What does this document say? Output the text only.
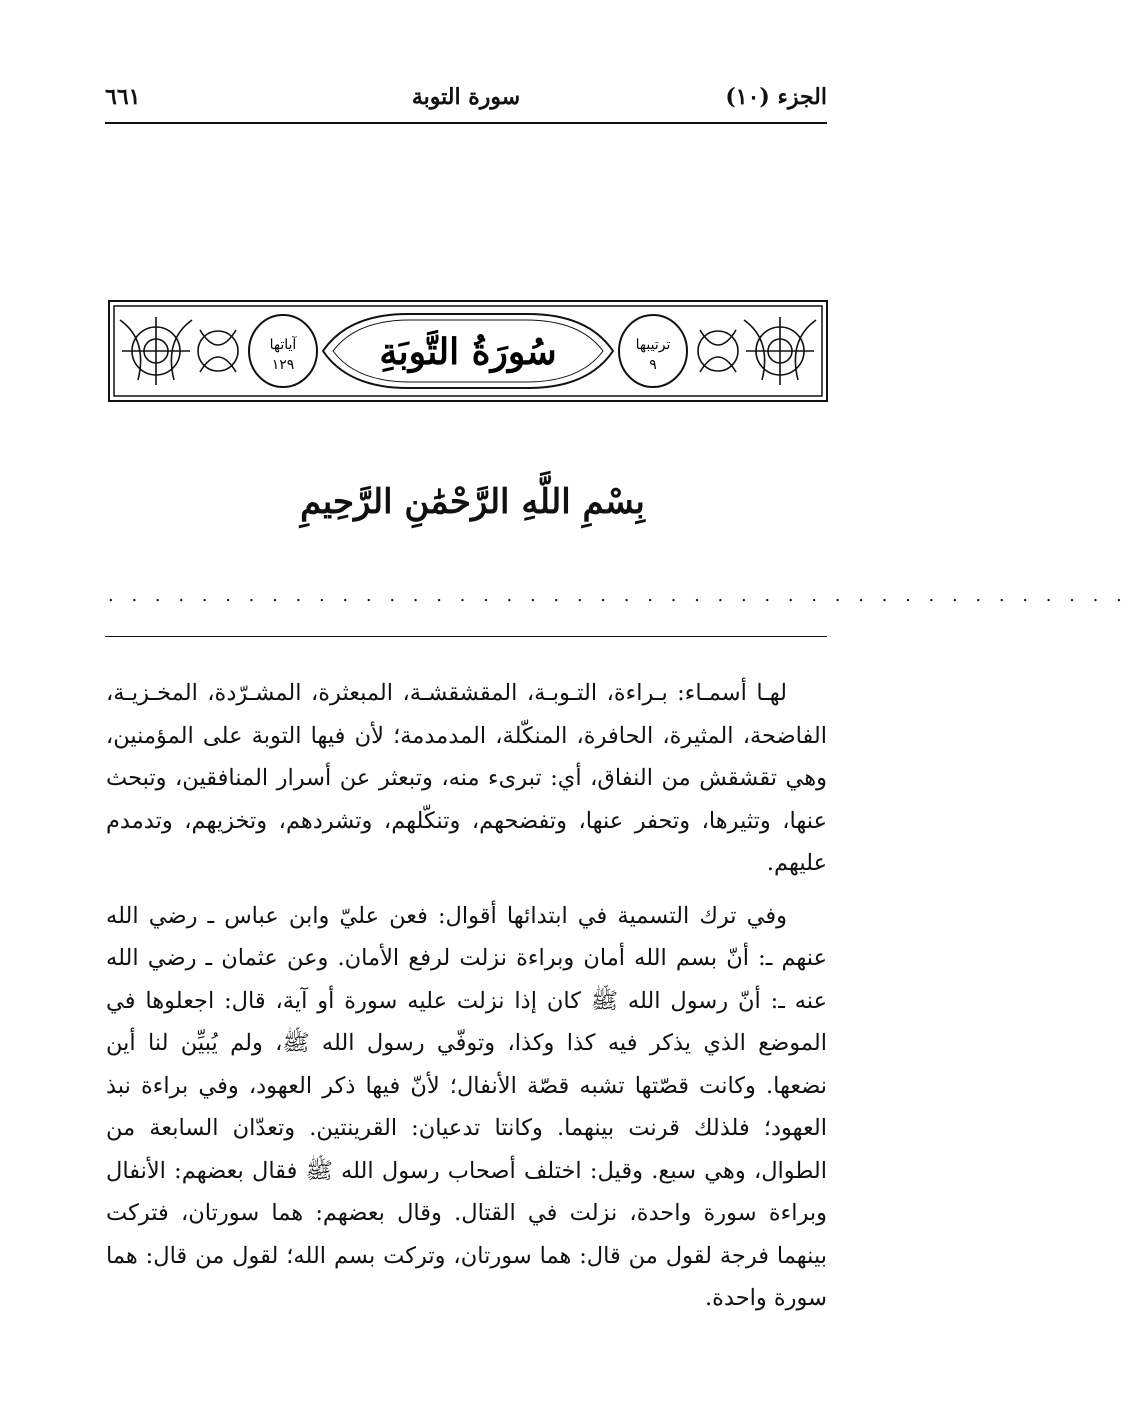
الجزء (١٠)
سورة التوبة
٦٦١
آياتها
١٢٩
ترتيبها
٩
سُورَةُ التَّوبَةِ
بِسْمِ اللَّهِ الرَّحْمَٰنِ الرَّحِيمِ
. . . . . . . . . . . . . . . . . . . . . . . . . . . . . . . . . . . . . . . . . . . .

لهـا أسمـاء: بـراءة، التـوبـة، المقشقشـة، المبعثرة، المشـرّدة، المخـزيـة، الفاضحة، المثيرة، الحافرة، المنكّلة، المدمدمة؛ لأن فيها التوبة على المؤمنين، وهي تقشقش من النفاق، أي: تبرىء منه، وتبعثر عن أسرار المنافقين، وتبحث عنها، وتثيرها، وتحفر عنها، وتفضحهم، وتنكّلهم، وتشردهم، وتخزيهم، وتدمدم عليهم.

وفي ترك التسمية في ابتدائها أقوال: فعن عليّ وابن عباس ـ رضي الله عنهم ـ: أنّ بسم الله أمان وبراءة نزلت لرفع الأمان. وعن عثمان ـ رضي الله عنه ـ: أنّ رسول الله ﷺ كان إذا نزلت عليه سورة أو آية، قال: اجعلوها في الموضع الذي يذكر فيه كذا وكذا، وتوفّي رسول الله ﷺ، ولم يُبيِّن لنا أين نضعها. وكانت قصّتها تشبه قصّة الأنفال؛ لأنّ فيها ذكر العهود، وفي براءة نبذ العهود؛ فلذلك قرنت بينهما. وكانتا تدعيان: القرينتين. وتعدّان السابعة من الطوال، وهي سبع. وقيل: اختلف أصحاب رسول الله ﷺ فقال بعضهم: الأنفال وبراءة سورة واحدة، نزلت في القتال. وقال بعضهم: هما سورتان، فتركت بينهما فرجة لقول من قال: هما سورتان، وتركت بسم الله؛ لقول من قال: هما سورة واحدة.
